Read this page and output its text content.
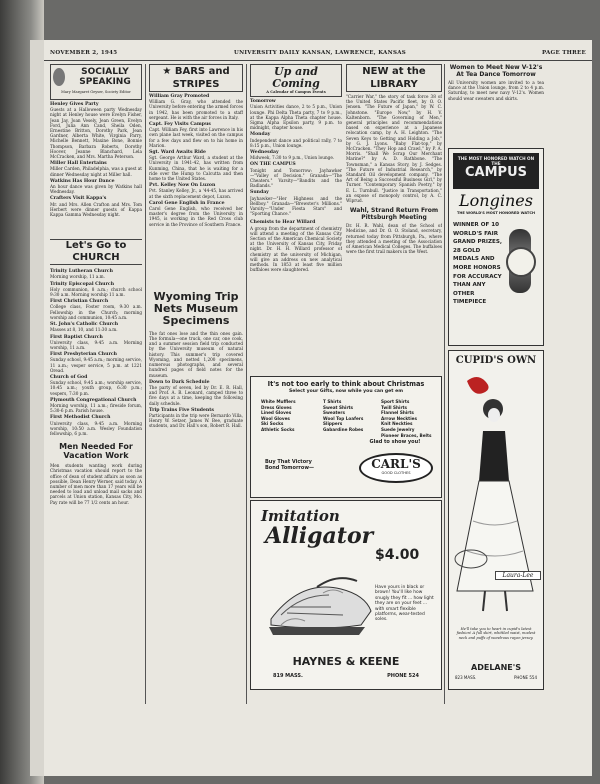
NOVEMBER 2, 1945	UNIVERSITY DAILY KANSAN, LAWRENCE, KANSAS	PAGE THREE
SOCIALLY SPEAKING
Mary Margaret Geyser, Society Editor
Henley Gives Party
Guests at a Halloween party Wednesday night at Henley house were Evelyn Fisher, Jean Jay, Joan Vesely, Jean Green, Evelyn Ford, Julia Ann Cand, Sheila Oden, Ernestine Britton, Dorothy Park, Jean Gardner, Alberta White, Virginia Parry, Michelle Bennett, Maxine Bone, Bonnie Thompson, Barbara Roberts, Dorothy Hoover, Jeanne Blanchard, Lela McCracken, and Mrs. Martha Peterson.
Miller Hall Entertains
Miller Carden, Philadelphia, was a guest at dinner Wednesday night at Miller hall.
Watkins Has Hour Dance
An hour dance was given by Watkins hall Wednesday.
Crafters Visit Kappa's
Mr. and Mrs. Allen Crafton and Mrs. Tom Herbert were dinner guests of Kappa Kappa Gamma Wednesday night.
Let's Go to CHURCH
Trinity Lutheran Church
Morning worship, 11 a.m.
Trinity Episcopal Church
Holy communion, 8 a.m.; church school 9:30 a.m. Morning worship 11 a.m.
First Christian Church
College class, Foster room, 9:30 a.m. Fellowship in the Church; morning worship and communion, 10:45 a.m.
St. John's Catholic Church
Masses at 8, 10, and 11:30 a.m.
First Baptist Church
University class, 9:45 a.m. Morning worship, 11 a.m.
First Presbyterian Church
Sunday school, 9:45 a.m.; morning service, 11 a.m.; vesper service, 5 p.m. at 1221 Oread.
Church of God
Sunday school, 9:45 a.m.; worship service, 10:45 a.m.; youth group, 6:30 p.m.; vespers, 7:30 p.m.
Plymouth Congregational Church
Morning worship, 11 a.m.; fireside forum, 5:30-6 p.m. Parish house.
First Methodist Church
University class, 9:45 a.m. Morning worship, 10:50 a.m. Wesley Foundation fellowship, 6 p.m.
Men Needed For Vacation Work
Men students wanting work during Christmas vacation should report to the office of dean of student affairs as soon as possible, Dean Henry Werner, said today. A number of men more than 17 years will be needed to load and unload mail sacks and parcels at Union station, Kansas City, Mo. Pay rate will be 77 1/2 cents an hour.
★ BARS and STRIPES
William Gray Promoted
William G. Gray, who attended the University before entering the armed forces in 1942, has been promoted to a staff sergeant. He is with the air forces in Italy.
Capt. Fey Visits Campus
Capt. William Fey, first into Lawrence in his own plane last week, visited on the campus for a few days and flew on to his home in Marion.
Sgt. Ward Awaits Ride
Sgt. George Arthur Ward, a student at the University in 1941-42, has written from Kunming, China, that he is waiting for a ride over the Hump to Calcutta and then home to the United States.
Pvt. Kelley Now On Luzon
Pvt. Stanley Kelley, Jr., a '44-45, has arrived at the sixth replacement depot, Luzon.
Carol Gene English in France
Carol Gene English, who received her master's degree from the University in 1945, is working in the Red Cross club service in the Province of Southern France.
Wyoming Trip Nets Museum Specimens
The fat ones lose and the thin ones gain. The formula—one truck, one car, one cook, and a summer session field trip conducted by the University museum of natural history. This summer's trip covered Wyoming, and netted 1,200 specimens, numerous photographs, and several hundred pages of field notes for the museum.
Down to Dark Schedule
The party of seven, led by Dr. E. R. Hall, and Prof. A. B. Leonard, camped three to five days at a time, keeping the following daily schedule.
Trip Trains Five Students
Participants in the trip were Bernardo Villa, Henry W. Setzer, James W. Bee, graduate students, and Dr. Hall's son, Robert R. Hall.
Up and Coming
A Calendar of Campus Events
Tomorrow
Union Activities dance, 2 to 5 p.m., Union lounge. Phi Delta Theta party, 7 to 9 p.m., at the Kappa Alpha Theta chapter house. Sigma Alpha Epsilon party, 9 p.m. to midnight, chapter house.
Monday
Independent dance and political rally, 7 to 8:15 p.m., Union lounge.
Wednesday
Midweek, 7:30 to 9 p.m., Union lounge.
ON THE CAMPUS
Tonight and Tomorrow: Jayhawker—"Valley of Decision." Granada—"The Cheaters." Varsity—"Bandits and the Badlands."
Sunday
Jayhawker—"Her Highness and the Bellboy." Granada—"Brewster's Millions." Varsity—"Under Fiesta Stars" and "Sporting Chance."
Chemists to Hear Willard
A group from the department of chemistry will attend a meeting of the Kansas City Section of the American Chemical Society at the University of Kansas City, Friday night. Dr. H. H. Willard professor of chemistry at the university of Michigan, will give an address on new analytical methods. In 1853 at least five million buffaloes were slaughtered.
NEW at the LIBRARY
"Carrier War," the story of task force 38 of the United States Pacific fleet, by O. O. Jensen. "The Future of Japan," by W. C. Johnstone. "Europe Now," by H. V. Kaltenborn. "The Governing of Men," general principles and recommendations based on experience at a Japanese relocation camp, by A. H. Leighton. "The Seven Keys to Getting and Holding a Job," by G. J. Lyons. "Baby Flat-top," by McCracken. "They Hop and Crawl," by P. A. Morris. "Shall We Scrap Our Merchant Marine?" by A. D. Rathbone. "The Townsman," a Kansas Story, by J. Sedges. "The Future of Industrial Research," by Standard Oil development company. "The Art of Being a Successful Business Girl," by Turner. "Contemporary Spanish Poetry," by E. L. Turnbull. "Justice in Transportation," an expose of monopoly control, by A. C. Wiprud.
Wahl, Strand Return From Pittsburgh Meeting
Dr. H. R. Wahl, dean of the School of Medicine, and Dr. O. O. Stoland, secretary, returned today from Pittsburgh, Pa., where they attended a meeting of the Association of American Medical Colleges. The buffaloes were the first trail makers in the West.
Women to Meet New V-12's At Tea Dance Tomorrow
All University women are invited to a tea dance at the Union lounge, from 2 to 4 p.m. Saturday, to meet new navy V-12's. Women should wear sweaters and skirts.
THE MOST HONORED WATCH ON THE
CAMPUS
Longines
THE WORLD'S MOST HONORED WATCH
WINNER OF 10 WORLD'S FAIR GRAND PRIZES, 28 GOLD MEDALS AND MORE HONORS FOR ACCURACY THAN ANY OTHER TIMEPIECE
CUPID'S OWN
Laura-Lee
He'll take you to heart in cupid's latest fashion! A full skirt, whittled waist, modest neck and puffs of wondrous rayon jersey.
ADELANE'S
823 MASS.	PHONE 554
It's not too early to think about Christmas
Select your Gifts, now while you can get em
White Mufflers
Dress Gloves
Lined Gloves
Wool Gloves
Ski Socks
Athletic Socks
T Shirts
Sweat Shirts
Sweaters
Wool Top Loafers
Slippers
Gabardine Robes
Sport Shirts
Twill Shirts
Flannel Shirts
Arrow Neckties
Knit Neckties
Suede Jewelry
Pioneer Braces, Belts
Glad to show you!
Buy That Victory Bond Tomorrow—	CARL'S
GOOD CLOTHES
Imitation
Alligator
$4.00
Have yours in black or brown! You'll like how snugly they fit ... how light they are on your feet ... with smart flexible platforms, wear-tested soles.
HAYNES & KEENE
819 MASS.	PHONE 524
